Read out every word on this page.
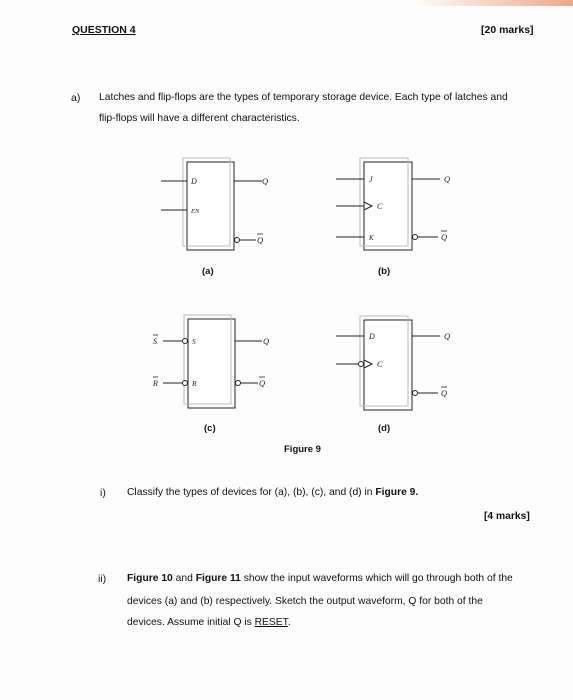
QUESTION 4	[20 marks]
a) Latches and flip-flops are the types of temporary storage device. Each type of latches and
flip-flops will have a different characteristics.
D
EN
Q
Q
J
C
K
Q
Q
S	S
R	R
Q
Q
D
C
Q
Q
(a)	(b)
(c)	(d)
Figure 9
i) Classify the types of devices for (a), (b), (c), and (d) in Figure 9.
[4 marks]
ii) Figure 10 and Figure 11 show the input waveforms which will go through both of the
devices (a) and (b) respectively. Sketch the output waveform, Q for both of the
devices. Assume initial Q is RESET.
